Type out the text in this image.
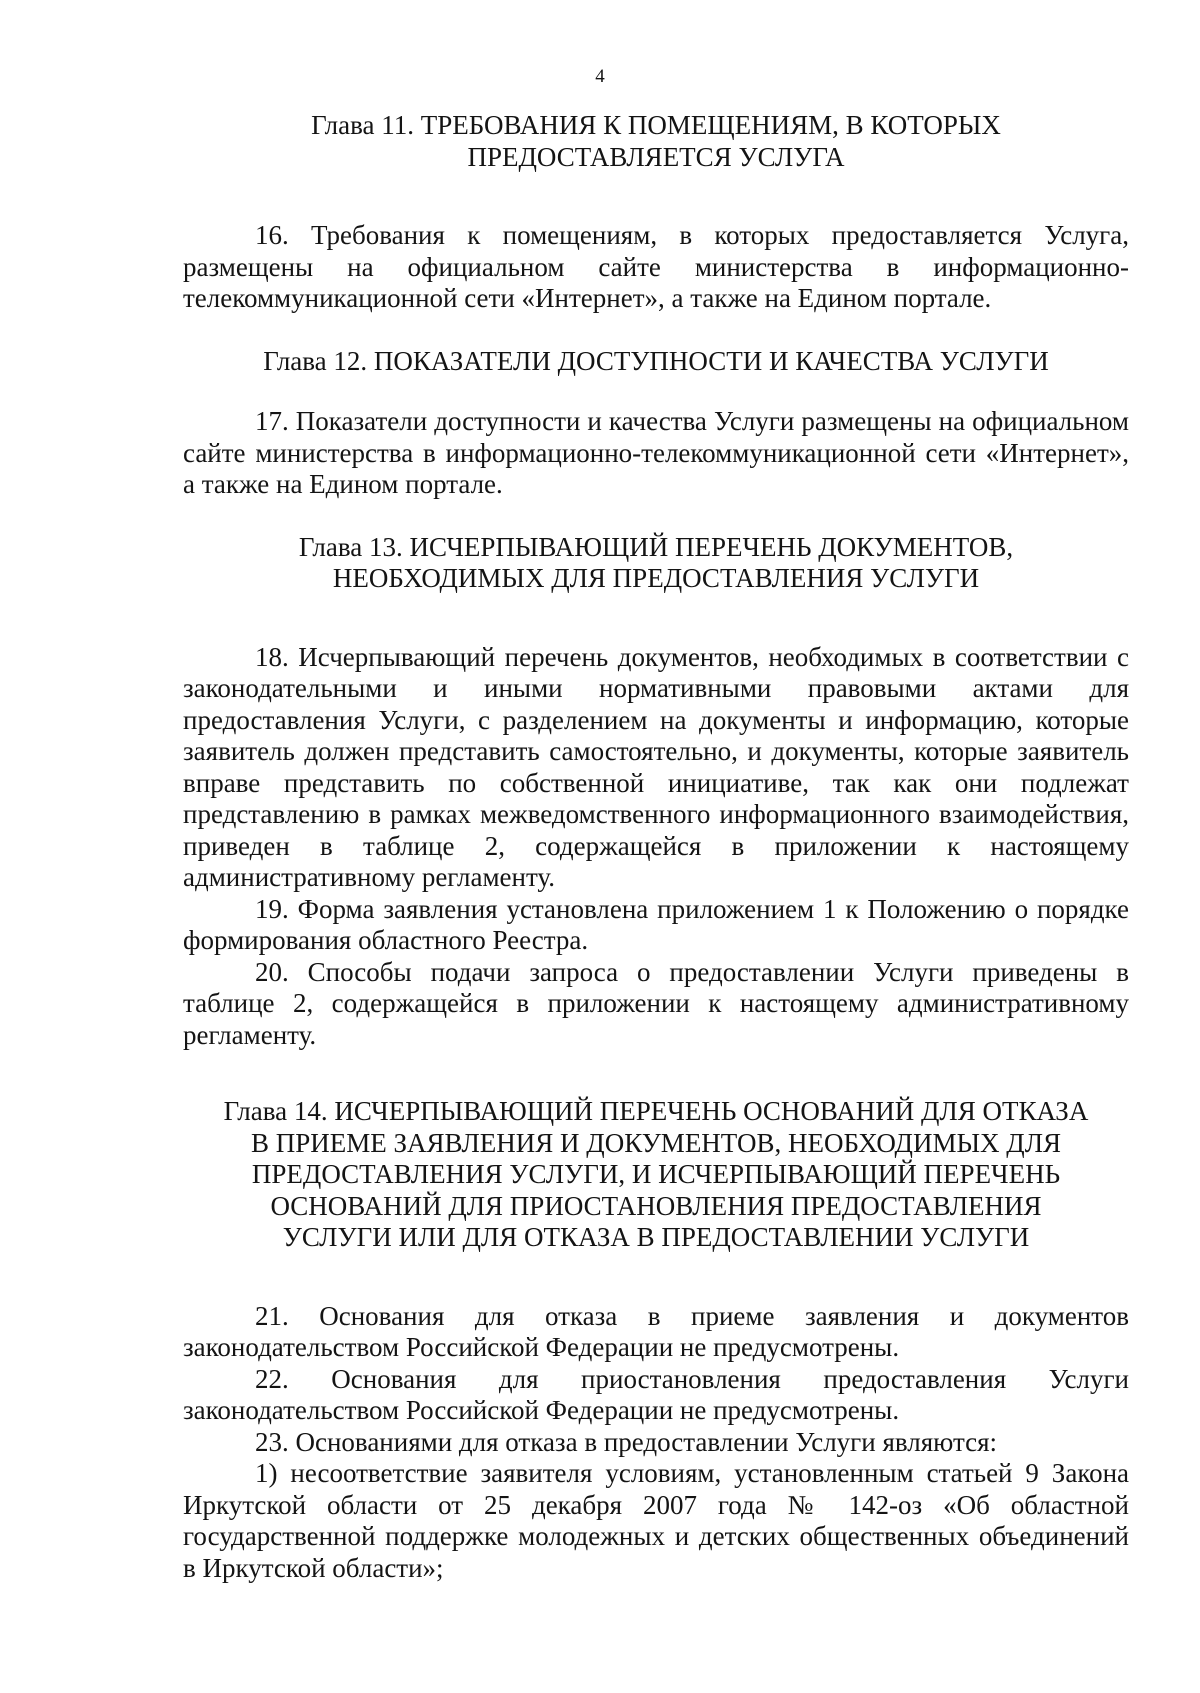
4
Глава 11. ТРЕБОВАНИЯ К ПОМЕЩЕНИЯМ, В КОТОРЫХ
ПРЕДОСТАВЛЯЕТСЯ УСЛУГА

16. Требования к помещениям, в которых предоставляется Услуга, размещены на официальном сайте министерства в информационно-телекоммуникационной сети «Интернет», а также на Едином портале.

Глава 12. ПОКАЗАТЕЛИ ДОСТУПНОСТИ И КАЧЕСТВА УСЛУГИ

17. Показатели доступности и качества Услуги размещены на официальном сайте министерства в информационно-телекоммуникационной сети «Интернет», а также на Едином портале.

Глава 13. ИСЧЕРПЫВАЮЩИЙ ПЕРЕЧЕНЬ ДОКУМЕНТОВ,
НЕОБХОДИМЫХ ДЛЯ ПРЕДОСТАВЛЕНИЯ УСЛУГИ

18. Исчерпывающий перечень документов, необходимых в соответствии с законодательными и иными нормативными правовыми актами для предоставления Услуги, с разделением на документы и информацию, которые заявитель должен представить самостоятельно, и документы, которые заявитель вправе представить по собственной инициативе, так как они подлежат представлению в рамках межведомственного информационного взаимодействия, приведен в таблице 2, содержащейся в приложении к настоящему административному регламенту.

19. Форма заявления установлена приложением 1 к Положению о порядке формирования областного Реестра.

20. Способы подачи запроса о предоставлении Услуги приведены в таблице 2, содержащейся в приложении к настоящему административному регламенту.

Глава 14. ИСЧЕРПЫВАЮЩИЙ ПЕРЕЧЕНЬ ОСНОВАНИЙ ДЛЯ ОТКАЗА
В ПРИЕМЕ ЗАЯВЛЕНИЯ И ДОКУМЕНТОВ, НЕОБХОДИМЫХ ДЛЯ
ПРЕДОСТАВЛЕНИЯ УСЛУГИ, И ИСЧЕРПЫВАЮЩИЙ ПЕРЕЧЕНЬ
ОСНОВАНИЙ ДЛЯ ПРИОСТАНОВЛЕНИЯ ПРЕДОСТАВЛЕНИЯ
УСЛУГИ ИЛИ ДЛЯ ОТКАЗА В ПРЕДОСТАВЛЕНИИ УСЛУГИ

21. Основания для отказа в приеме заявления и документов законодательством Российской Федерации не предусмотрены.

22. Основания для приостановления предоставления Услуги законодательством Российской Федерации не предусмотрены.

23. Основаниями для отказа в предоставлении Услуги являются:

1) несоответствие заявителя условиям, установленным статьей 9 Закона Иркутской области от 25 декабря 2007 года № 142-оз «Об областной государственной поддержке молодежных и детских общественных объединений в Иркутской области»;
